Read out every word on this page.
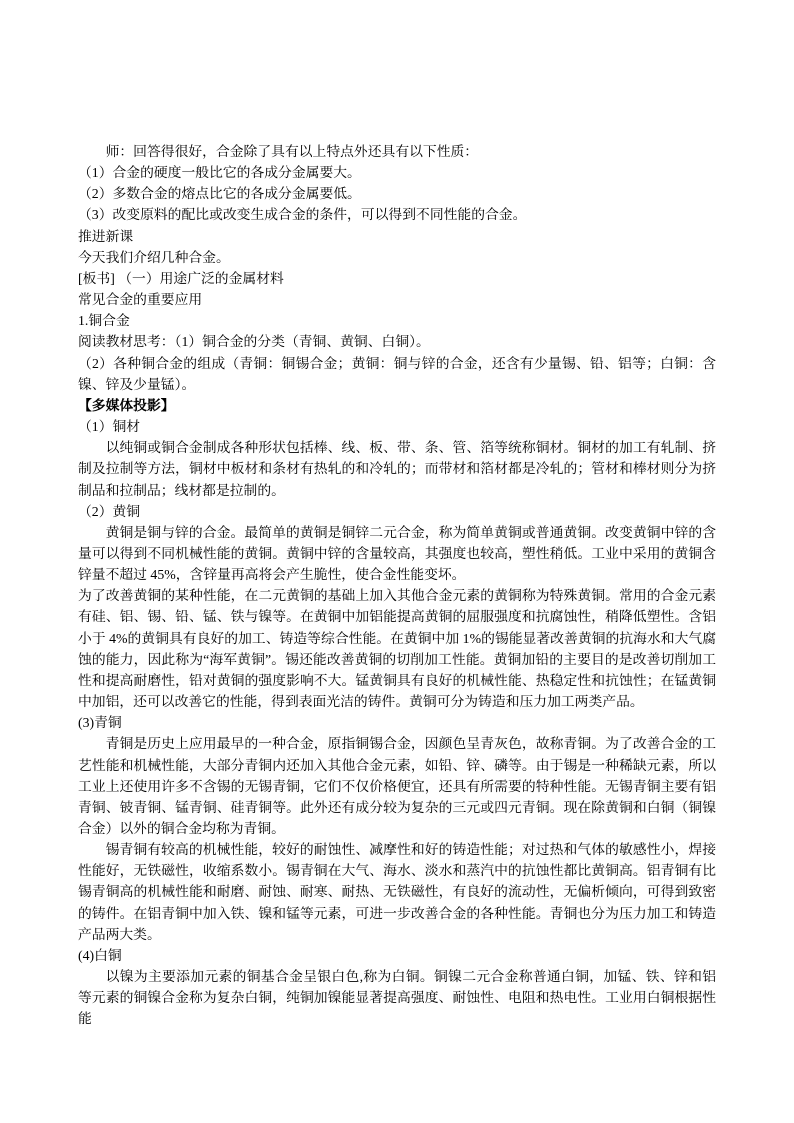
师：回答得很好，合金除了具有以上特点外还具有以下性质：

（1）合金的硬度一般比它的各成分金属要大。

（2）多数合金的熔点比它的各成分金属要低。

（3）改变原料的配比或改变生成合金的条件，可以得到不同性能的合金。

推进新课

今天我们介绍几种合金。

[板书] （一）用途广泛的金属材料

常见合金的重要应用

1.铜合金

阅读教材思考：（1）铜合金的分类（青铜、黄铜、白铜）。

（2）各种铜合金的组成（青铜：铜锡合金；黄铜：铜与锌的合金，还含有少量锡、铅、铝等；白铜：含镍、锌及少量锰）。

【多媒体投影】

（1）铜材

以纯铜或铜合金制成各种形状包括棒、线、板、带、条、管、箔等统称铜材。铜材的加工有轧制、挤制及拉制等方法，铜材中板材和条材有热轧的和冷轧的；而带材和箔材都是冷轧的；管材和棒材则分为挤制品和拉制品；线材都是拉制的。

（2）黄铜

黄铜是铜与锌的合金。最简单的黄铜是铜锌二元合金，称为简单黄铜或普通黄铜。改变黄铜中锌的含量可以得到不同机械性能的黄铜。黄铜中锌的含量较高，其强度也较高，塑性稍低。工业中采用的黄铜含锌量不超过 45%，含锌量再高将会产生脆性，使合金性能变坏。

为了改善黄铜的某种性能，在二元黄铜的基础上加入其他合金元素的黄铜称为特殊黄铜。常用的合金元素有硅、铝、锡、铅、锰、铁与镍等。在黄铜中加铝能提高黄铜的屈服强度和抗腐蚀性，稍降低塑性。含铝小于 4%的黄铜具有良好的加工、铸造等综合性能。在黄铜中加 1%的锡能显著改善黄铜的抗海水和大气腐蚀的能力，因此称为“海军黄铜”。锡还能改善黄铜的切削加工性能。黄铜加铅的主要目的是改善切削加工性和提高耐磨性，铅对黄铜的强度影响不大。锰黄铜具有良好的机械性能、热稳定性和抗蚀性；在锰黄铜中加铝，还可以改善它的性能，得到表面光洁的铸件。黄铜可分为铸造和压力加工两类产品。

(3)青铜

青铜是历史上应用最早的一种合金，原指铜锡合金，因颜色呈青灰色，故称青铜。为了改善合金的工艺性能和机械性能，大部分青铜内还加入其他合金元素，如铅、锌、磷等。由于锡是一种稀缺元素，所以工业上还使用许多不含锡的无锡青铜，它们不仅价格便宜，还具有所需要的特种性能。无锡青铜主要有铝青铜、铍青铜、锰青铜、硅青铜等。此外还有成分较为复杂的三元或四元青铜。现在除黄铜和白铜（铜镍合金）以外的铜合金均称为青铜。

锡青铜有较高的机械性能，较好的耐蚀性、减摩性和好的铸造性能；对过热和气体的敏感性小，焊接性能好，无铁磁性，收缩系数小。锡青铜在大气、海水、淡水和蒸汽中的抗蚀性都比黄铜高。铝青铜有比锡青铜高的机械性能和耐磨、耐蚀、耐寒、耐热、无铁磁性，有良好的流动性，无偏析倾向，可得到致密的铸件。在铝青铜中加入铁、镍和锰等元素，可进一步改善合金的各种性能。青铜也分为压力加工和铸造产品两大类。

(4)白铜

以镍为主要添加元素的铜基合金呈银白色,称为白铜。铜镍二元合金称普通白铜，加锰、铁、锌和铝等元素的铜镍合金称为复杂白铜，纯铜加镍能显著提高强度、耐蚀性、电阻和热电性。工业用白铜根据性能
